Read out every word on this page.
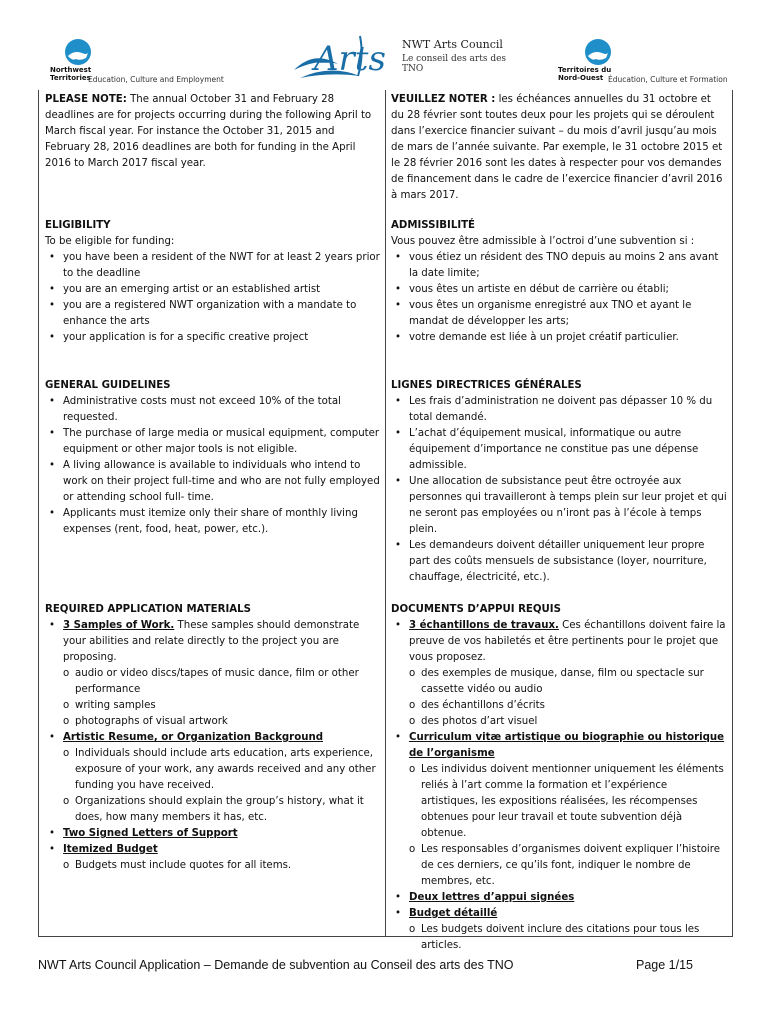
Northwest
Territories
Education, Culture and Employment
Arts NWT Arts Council
Le conseil des arts des TNO	Territoires du
Nord-Ouest Éducation, Culture et Formation

PLEASE NOTE: The annual October 31 and February 28 deadlines are for projects occurring during the following April to March fiscal year. For instance the October 31, 2015 and February 28, 2016 deadlines are both for funding in the April 2016 to March 2017 fiscal year.

ELIGIBILITY

To be eligible for funding:

• you have been a resident of the NWT for at least 2 years prior to the deadline
• you are an emerging artist or an established artist
• you are a registered NWT organization with a mandate to enhance the arts
• your application is for a specific creative project

GENERAL GUIDELINES

• Administrative costs must not exceed 10% of the total requested.
• The purchase of large media or musical equipment, computer equipment or other major tools is not eligible.
• A living allowance is available to individuals who intend to work on their project full-time and who are not fully employed or attending school full- time.
• Applicants must itemize only their share of monthly living expenses (rent, food, heat, power, etc.).

REQUIRED APPLICATION MATERIALS

• 3 Samples of Work. These samples should demonstrate your abilities and relate directly to the project you are proposing.
o audio or video discs/tapes of music dance, film or other performance
o writing samples
o photographs of visual artwork
• Artistic Resume, or Organization Background
o Individuals should include arts education, arts experience, exposure of your work, any awards received and any other funding you have received.
o Organizations should explain the group’s history, what it does, how many members it has, etc.
• Two Signed Letters of Support
• Itemized Budget
o Budgets must include quotes for all items.

VEUILLEZ NOTER : les échéances annuelles du 31 octobre et du 28 février sont toutes deux pour les projets qui se déroulent dans l’exercice financier suivant – du mois d’avril jusqu’au mois de mars de l’année suivante. Par exemple, le 31 octobre 2015 et le 28 février 2016 sont les dates à respecter pour vos demandes de financement dans le cadre de l’exercice financier d’avril 2016 à mars 2017.

ADMISSIBILITÉ

Vous pouvez être admissible à l’octroi d’une subvention si :

• vous étiez un résident des TNO depuis au moins 2 ans avant la date limite;
• vous êtes un artiste en début de carrière ou établi;
• vous êtes un organisme enregistré aux TNO et ayant le mandat de développer les arts;
• votre demande est liée à un projet créatif particulier.

LIGNES DIRECTRICES GÉNÉRALES

• Les frais d’administration ne doivent pas dépasser 10 % du total demandé.
• L’achat d’équipement musical, informatique ou autre équipement d’importance ne constitue pas une dépense admissible.
• Une allocation de subsistance peut être octroyée aux personnes qui travailleront à temps plein sur leur projet et qui ne seront pas employées ou n’iront pas à l’école à temps plein.
• Les demandeurs doivent détailler uniquement leur propre part des coûts mensuels de subsistance (loyer, nourriture, chauffage, électricité, etc.).

DOCUMENTS D’APPUI REQUIS

• 3 échantillons de travaux. Ces échantillons doivent faire la preuve de vos habiletés et être pertinents pour le projet que vous proposez.
o des exemples de musique, danse, film ou spectacle sur cassette vidéo ou audio
o des échantillons d’écrits
o des photos d’art visuel
• Curriculum vitæ artistique ou biographie ou historique de l’organisme
o Les individus doivent mentionner uniquement les éléments reliés à l’art comme la formation et l’expérience artistiques, les expositions réalisées, les récompenses obtenues pour leur travail et toute subvention déjà obtenue.
o Les responsables d’organismes doivent expliquer l’histoire de ces derniers, ce qu’ils font, indiquer le nombre de membres, etc.
• Deux lettres d’appui signées
• Budget détaillé
o Les budgets doivent inclure des citations pour tous les articles.
NWT Arts Council Application – Demande de subvention au Conseil des arts des TNO	Page 1/15
